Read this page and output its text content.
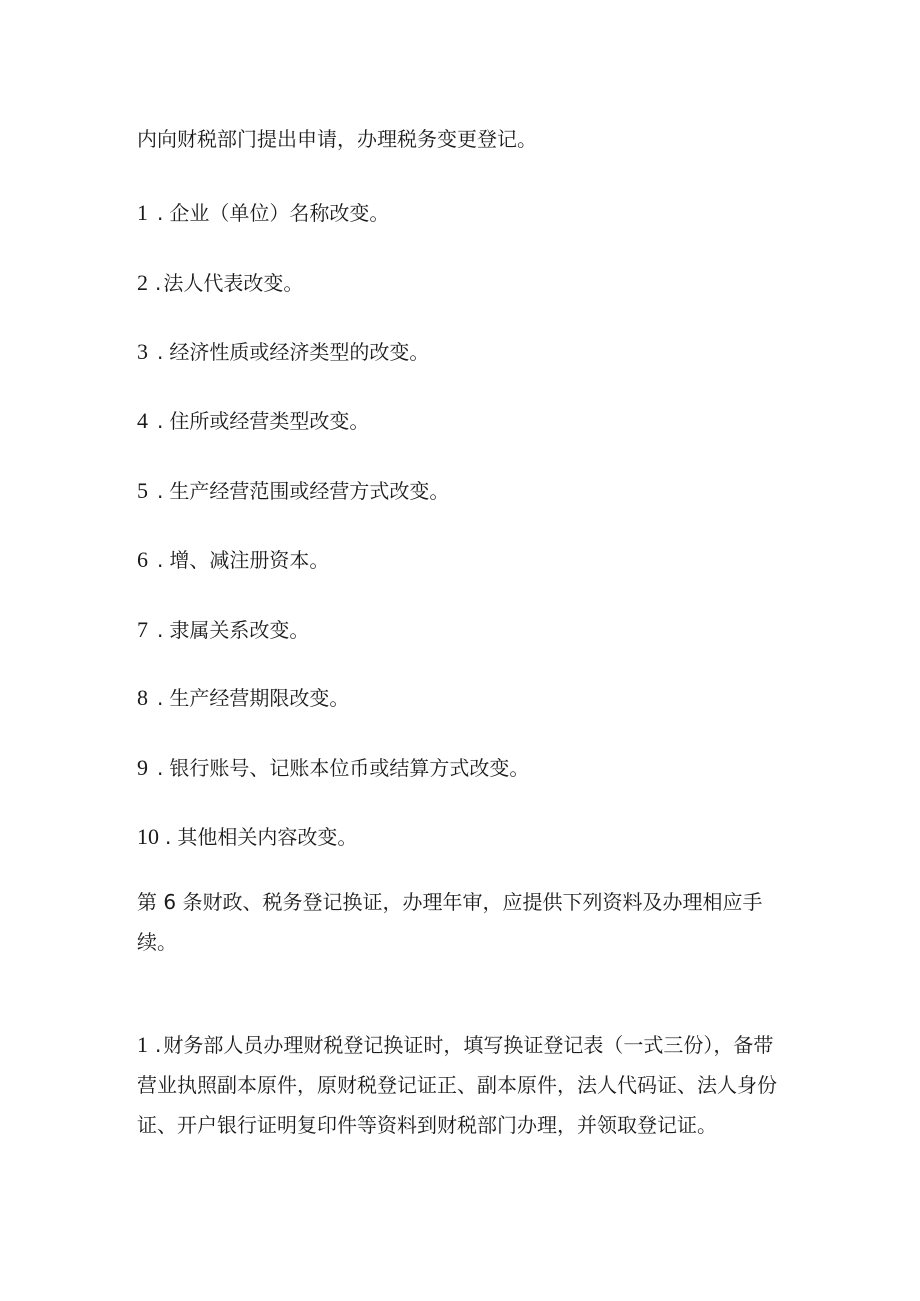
内向财税部门提出申请，办理税务变更登记。
1 . 企业（单位）名称改变。
2 . 法人代表改变。
3 . 经济性质或经济类型的改变。
4 . 住所或经营类型改变。
5 . 生产经营范围或经营方式改变。
6 . 增、减注册资本。
7 . 隶属关系改变。
8 . 生产经营期限改变。
9 . 银行账号、记账本位币或结算方式改变。
10 . 其他相关内容改变。
第 6 条财政、税务登记换证，办理年审，应提供下列资料及办理相应手续。
1 . 财务部人员办理财税登记换证时，填写换证登记表（一式三份），备带营业执照副本原件，原财税登记证正、副本原件，法人代码证、法人身份证、开户银行证明复印件等资料到财税部门办理，并领取登记证。
